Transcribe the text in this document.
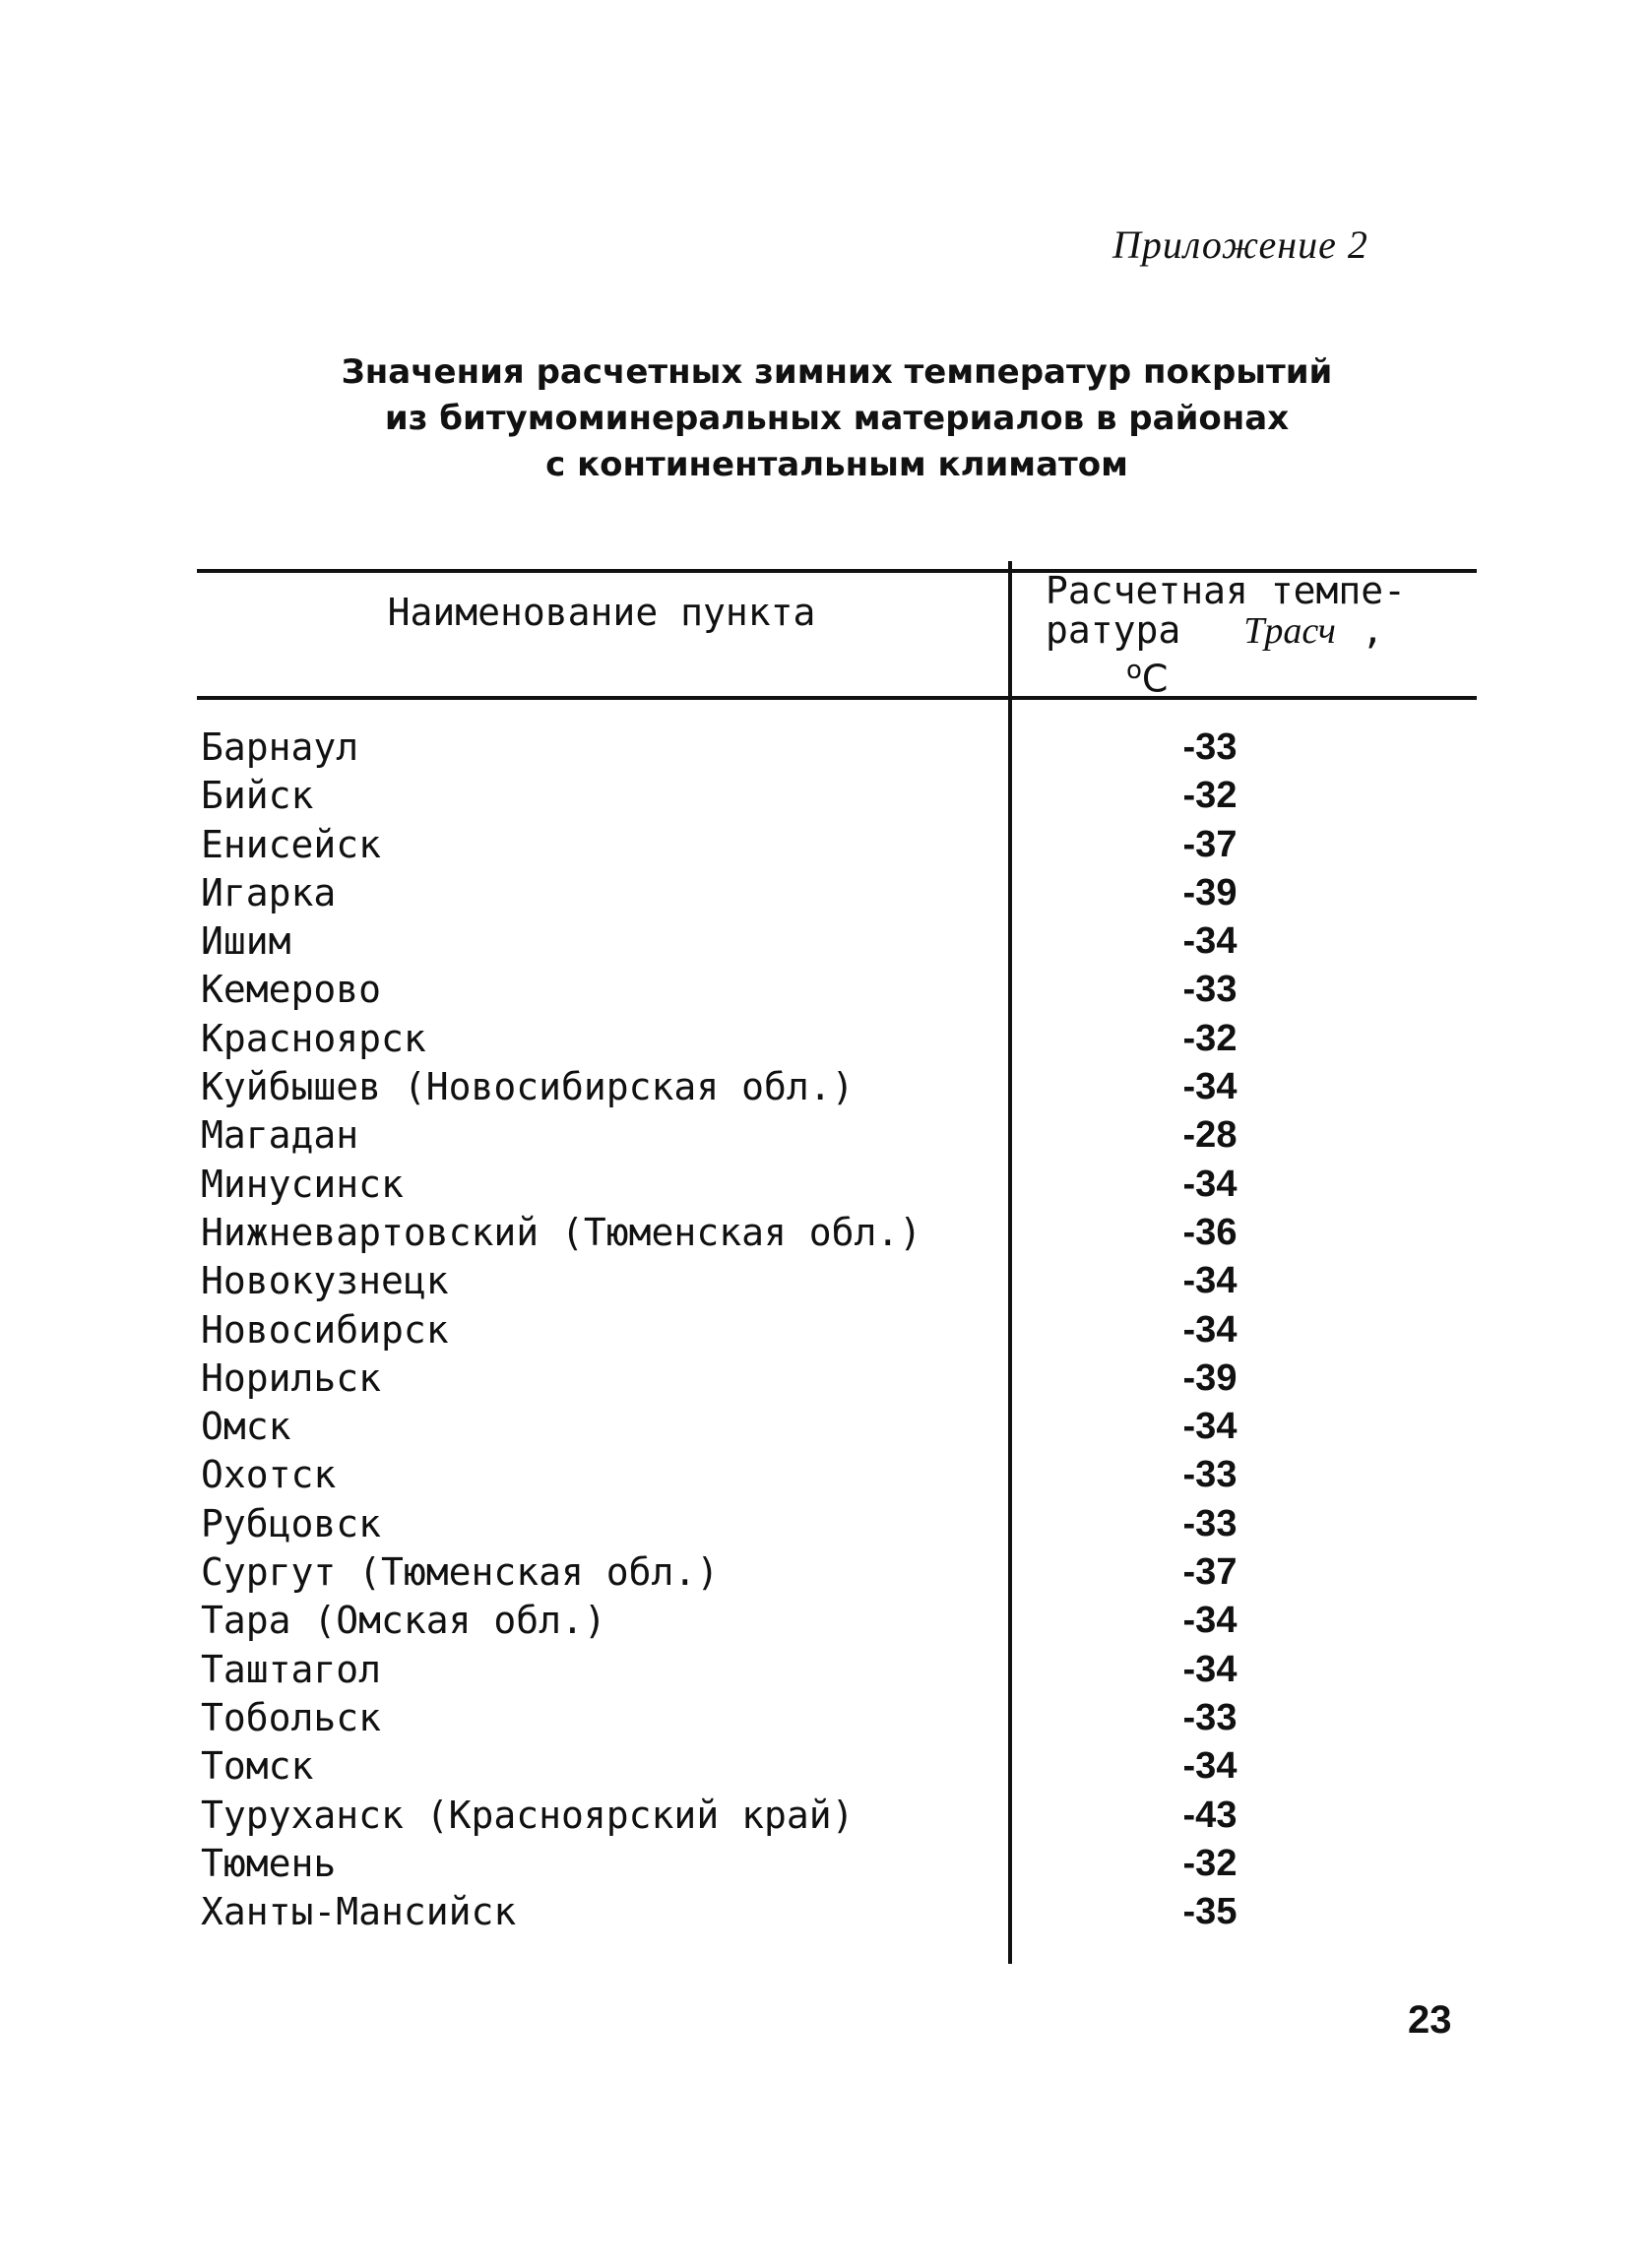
Приложение 2
Значения расчетных зимних температур покрытий
из битумоминеральных материалов в районах
с континентальным климатом
Наименование пункта	Расчетная темпе-
ратура Tрасч ,
$^o$C
Барнаул	-33
Бийск	-32
Енисейск	-37
Игарка	-39
Ишим	-34
Кемерово	-33
Красноярск	-32
Куйбышев (Новосибирская обл.)	-34
Магадан	-28
Минусинск	-34
Нижневартовский (Тюменская обл.)	-36
Новокузнецк	-34
Новосибирск	-34
Норильск	-39
Омск	-34
Охотск	-33
Рубцовск	-33
Сургут (Тюменская обл.)	-37
Тара (Омская обл.)	-34
Таштагол	-34
Тобольск	-33
Томск	-34
Туруханск (Красноярский край)	-43
Тюмень	-32
Ханты-Мансийск	-35
23
